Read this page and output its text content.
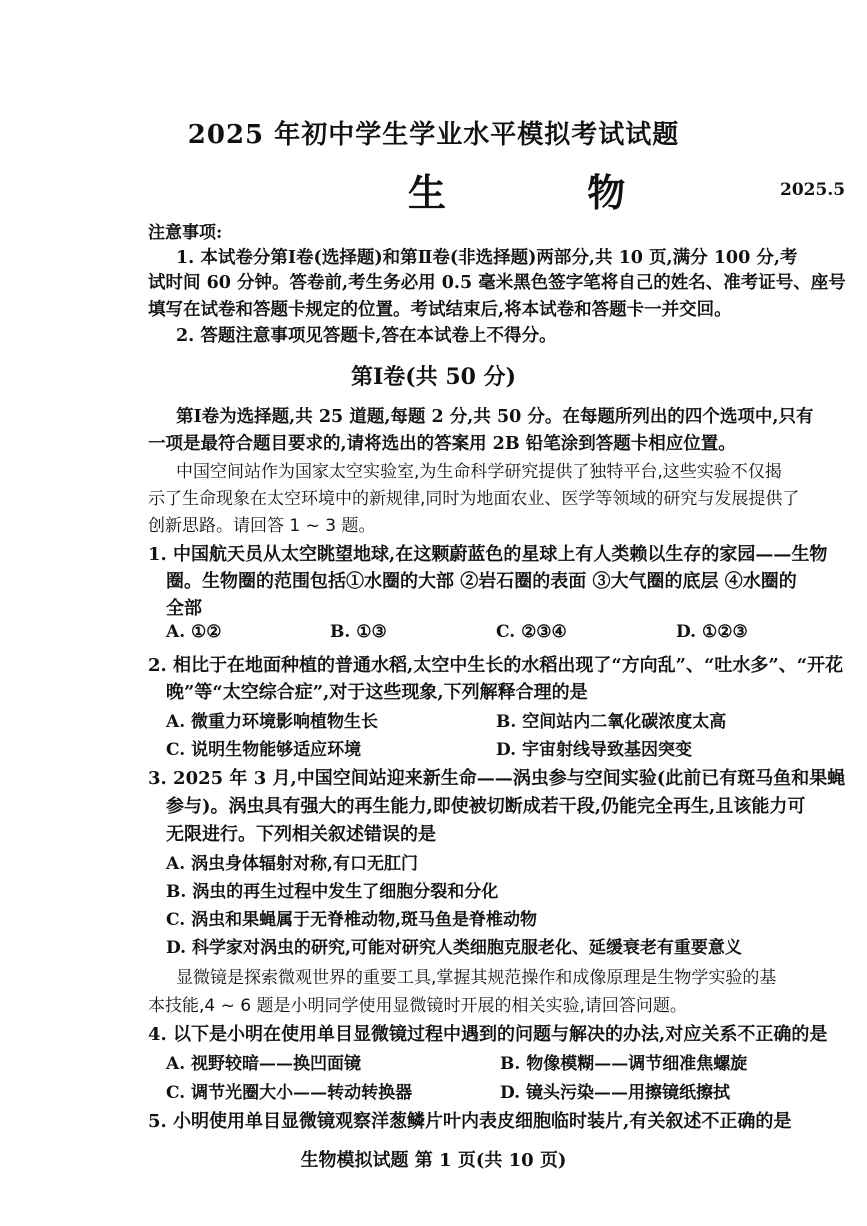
2025 年初中学生学业水平模拟考试试题
生 物	2025.5
注意事项:
1. 本试卷分第Ⅰ卷(选择题)和第Ⅱ卷(非选择题)两部分,共 10 页,满分 100 分,考
试时间 60 分钟。答卷前,考生务必用 0.5 毫米黑色签字笔将自己的姓名、准考证号、座号
填写在试卷和答题卡规定的位置。考试结束后,将本试卷和答题卡一并交回。
2. 答题注意事项见答题卡,答在本试卷上不得分。
第Ⅰ卷(共 50 分)
第Ⅰ卷为选择题,共 25 道题,每题 2 分,共 50 分。在每题所列出的四个选项中,只有
一项是最符合题目要求的,请将选出的答案用 2B 铅笔涂到答题卡相应位置。
中国空间站作为国家太空实验室,为生命科学研究提供了独特平台,这些实验不仅揭
示了生命现象在太空环境中的新规律,同时为地面农业、医学等领域的研究与发展提供了
创新思路。请回答 1 ~ 3 题。
1. 中国航天员从太空眺望地球,在这颗蔚蓝色的星球上有人类赖以生存的家园——生物
圈。生物圈的范围包括①水圈的大部 ②岩石圈的表面 ③大气圈的底层 ④水圈的
全部
A. ①②	B. ①③	C. ②③④	D. ①②③
2. 相比于在地面种植的普通水稻,太空中生长的水稻出现了“方向乱”、“吐水多”、“开花
晚”等“太空综合症”,对于这些现象,下列解释合理的是
A. 微重力环境影响植物生长	B. 空间站内二氧化碳浓度太高
C. 说明生物能够适应环境	D. 宇宙射线导致基因突变
3. 2025 年 3 月,中国空间站迎来新生命——涡虫参与空间实验(此前已有斑马鱼和果蝇
参与)。涡虫具有强大的再生能力,即使被切断成若干段,仍能完全再生,且该能力可
无限进行。下列相关叙述错误的是
A. 涡虫身体辐射对称,有口无肛门
B. 涡虫的再生过程中发生了细胞分裂和分化
C. 涡虫和果蝇属于无脊椎动物,斑马鱼是脊椎动物
D. 科学家对涡虫的研究,可能对研究人类细胞克服老化、延缓衰老有重要意义
显微镜是探索微观世界的重要工具,掌握其规范操作和成像原理是生物学实验的基
本技能,4 ~ 6 题是小明同学使用显微镜时开展的相关实验,请回答问题。
4. 以下是小明在使用单目显微镜过程中遇到的问题与解决的办法,对应关系不正确的是
A. 视野较暗——换凹面镜	B. 物像模糊——调节细准焦螺旋
C. 调节光圈大小——转动转换器	D. 镜头污染——用擦镜纸擦拭
5. 小明使用单目显微镜观察洋葱鳞片叶内表皮细胞临时装片,有关叙述不正确的是
生物模拟试题 第 1 页(共 10 页)
